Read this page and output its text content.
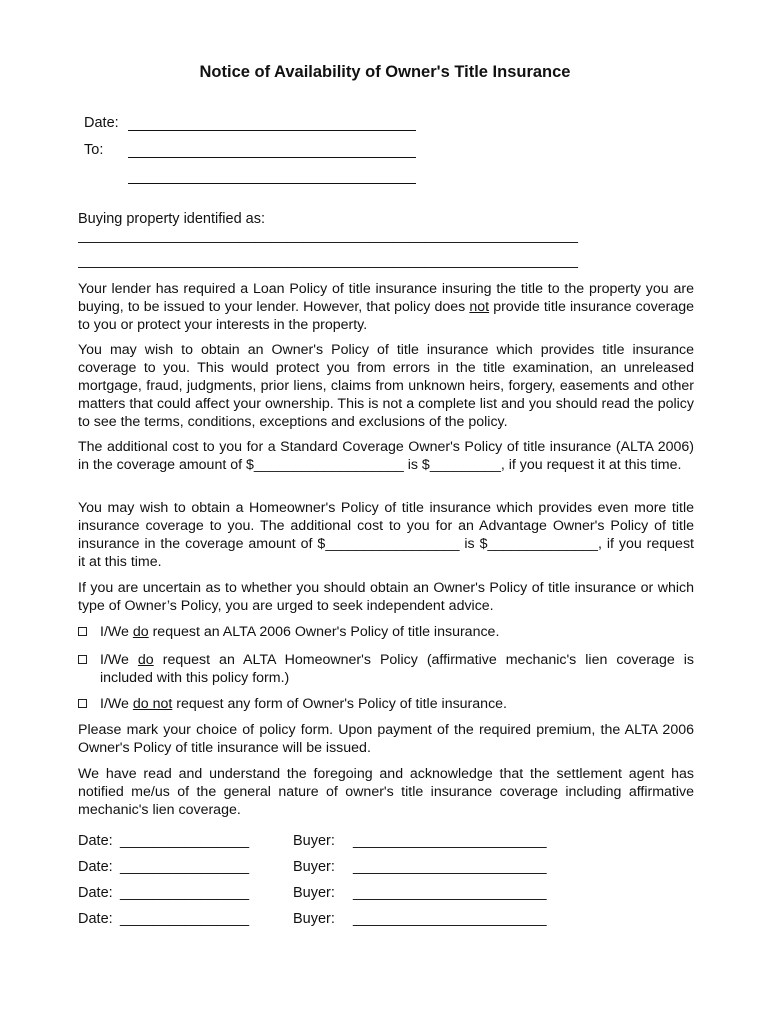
Notice of Availability of Owner's Title Insurance
Date:
To:
Buying property identified as:
______________________________________________________________
______________________________________________________________
Your lender has required a Loan Policy of title insurance insuring the title to the property you are buying, to be issued to your lender. However, that policy does not provide title insurance coverage to you or protect your interests in the property.
You may wish to obtain an Owner's Policy of title insurance which provides title insurance coverage to you. This would protect you from errors in the title examination, an unreleased mortgage, fraud, judgments, prior liens, claims from unknown heirs, forgery, easements and other matters that could affect your ownership. This is not a complete list and you should read the policy to see the terms, conditions, exceptions and exclusions of the policy.
The additional cost to you for a Standard Coverage Owner's Policy of title insurance (ALTA 2006) in the coverage amount of $___________________ is $_________, if you request it at this time.
You may wish to obtain a Homeowner's Policy of title insurance which provides even more title insurance coverage to you. The additional cost to you for an Advantage Owner's Policy of title insurance in the coverage amount of $_________________ is $______________, if you request it at this time.
If you are uncertain as to whether you should obtain an Owner's Policy of title insurance or which type of Owner’s Policy, you are urged to seek independent advice.
I/We do request an ALTA 2006 Owner's Policy of title insurance.
I/We do request an ALTA Homeowner's Policy (affirmative mechanic's lien coverage is included with this policy form.)
I/We do not request any form of Owner's Policy of title insurance.
Please mark your choice of policy form. Upon payment of the required premium, the ALTA 2006 Owner's Policy of title insurance will be issued.
We have read and understand the foregoing and acknowledge that the settlement agent has notified me/us of the general nature of owner's title insurance coverage including affirmative mechanic's lien coverage.
Date: ________________	Buyer: ________________________
Date: ________________	Buyer: ________________________
Date: ________________	Buyer: ________________________
Date: ________________	Buyer: ________________________
